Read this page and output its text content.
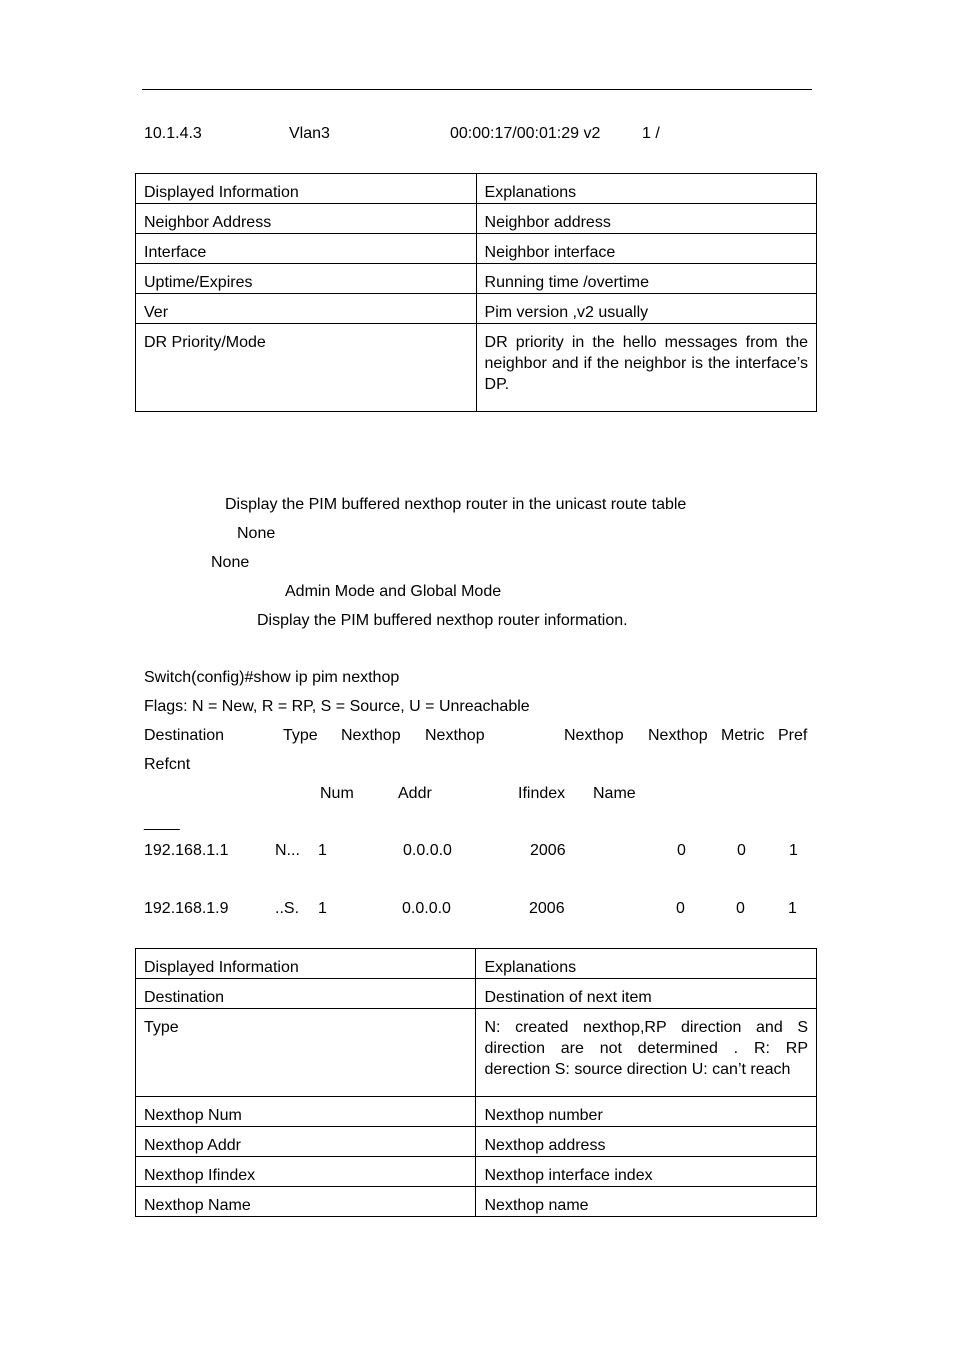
10.1.4.3	Vlan3	00:00:17/00:01:29 v2	1 /
Displayed Information	Explanations
Neighbor Address	Neighbor address
Interface	Neighbor interface
Uptime/Expires	Running time /overtime
Ver	Pim version ,v2 usually
DR Priority/Mode	DR priority in the hello messages from the neighbor and if the neighbor is the interface’s DP.
Display the PIM buffered nexthop router in the unicast route table
None
None
Admin Mode and Global Mode
Display the PIM buffered nexthop router information.
Switch(config)#show ip pim nexthop
Flags: N = New, R = RP, S = Source, U = Unreachable
Destination	Type Nexthop Nexthop	Nexthop Nexthop Metric Pref
Refcnt
Num	Addr	Ifindex Name
____
192.168.1.1	N... 1	0.0.0.0	2006	0	0	1
192.168.1.9	..S. 1	0.0.0.0	2006	0	0	1
Displayed Information	Explanations
Destination	Destination of next item
Type	N: created nexthop,RP direction and S direction are not determined . R: RP derection S: source direction U: can’t reach
Nexthop Num	Nexthop number
Nexthop Addr	Nexthop address
Nexthop Ifindex	Nexthop interface index
Nexthop Name	Nexthop name
